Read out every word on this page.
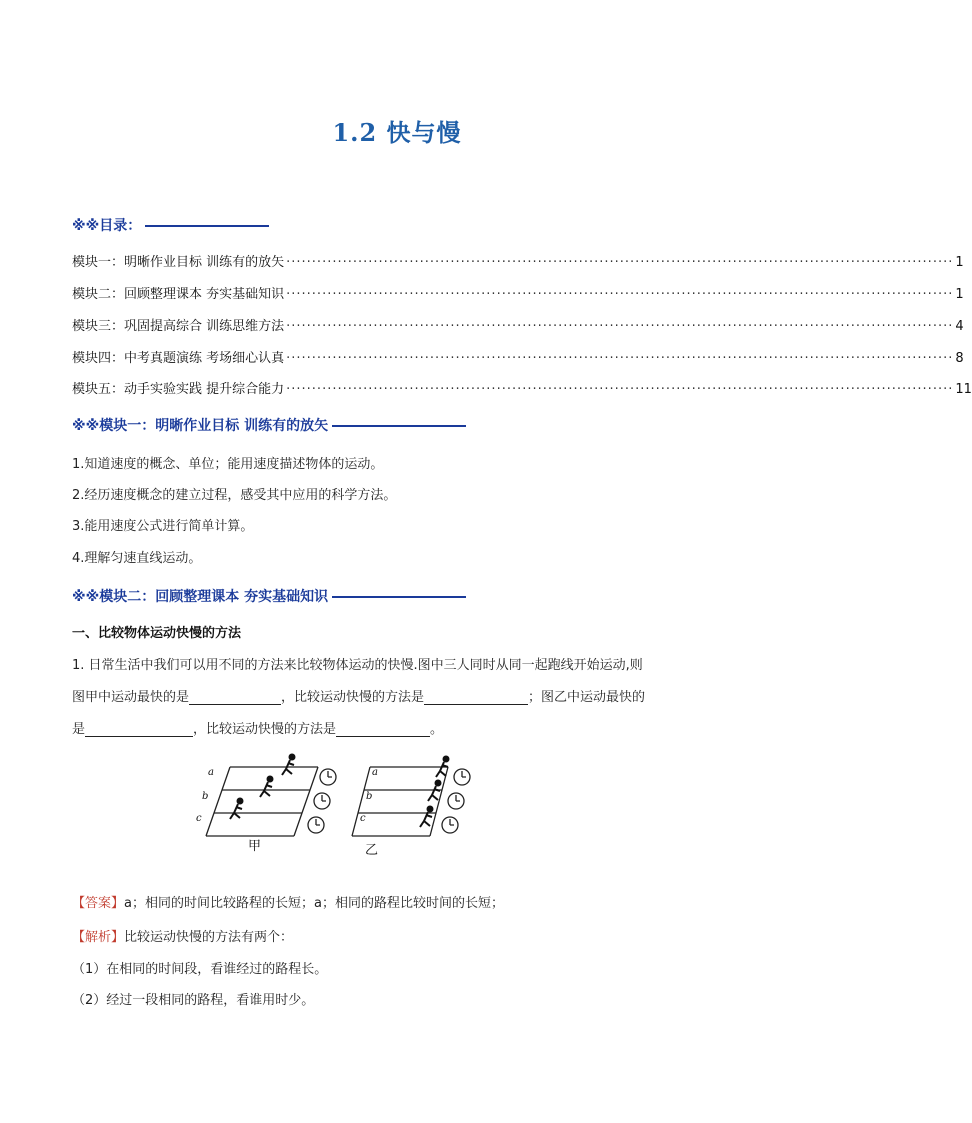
1.2 快与慢
※※目录：
模块一：明晰作业目标 训练有的放矢 ·····	1
模块二：回顾整理课本 夯实基础知识 ·····	1
模块三：巩固提高综合 训练思维方法 ·····	4
模块四：中考真题演练 考场细心认真 ·····	8
模块五：动手实验实践 提升综合能力 ·····	11
※※模块一：明晰作业目标 训练有的放矢
1.知道速度的概念、单位；能用速度描述物体的运动。
2.经历速度概念的建立过程，感受其中应用的科学方法。
3.能用速度公式进行简单计算。
4.理解匀速直线运动。
※※模块二：回顾整理课本 夯实基础知识
一、比较物体运动快慢的方法
1. 日常生活中我们可以用不同的方法来比较物体运动的快慢.图中三人同时从同一起跑线开始运动,则
图甲中运动最快的是	，比较运动快慢的方法是	；图乙中运动最快的
是	，比较运动快慢的方法是	。
a
b
c
a
b
c
甲	乙
【答案】a；相同的时间比较路程的长短；a；相同的路程比较时间的长短；
【解析】比较运动快慢的方法有两个：
（1）在相同的时间段，看谁经过的路程长。
（2）经过一段相同的路程，看谁用时少。
